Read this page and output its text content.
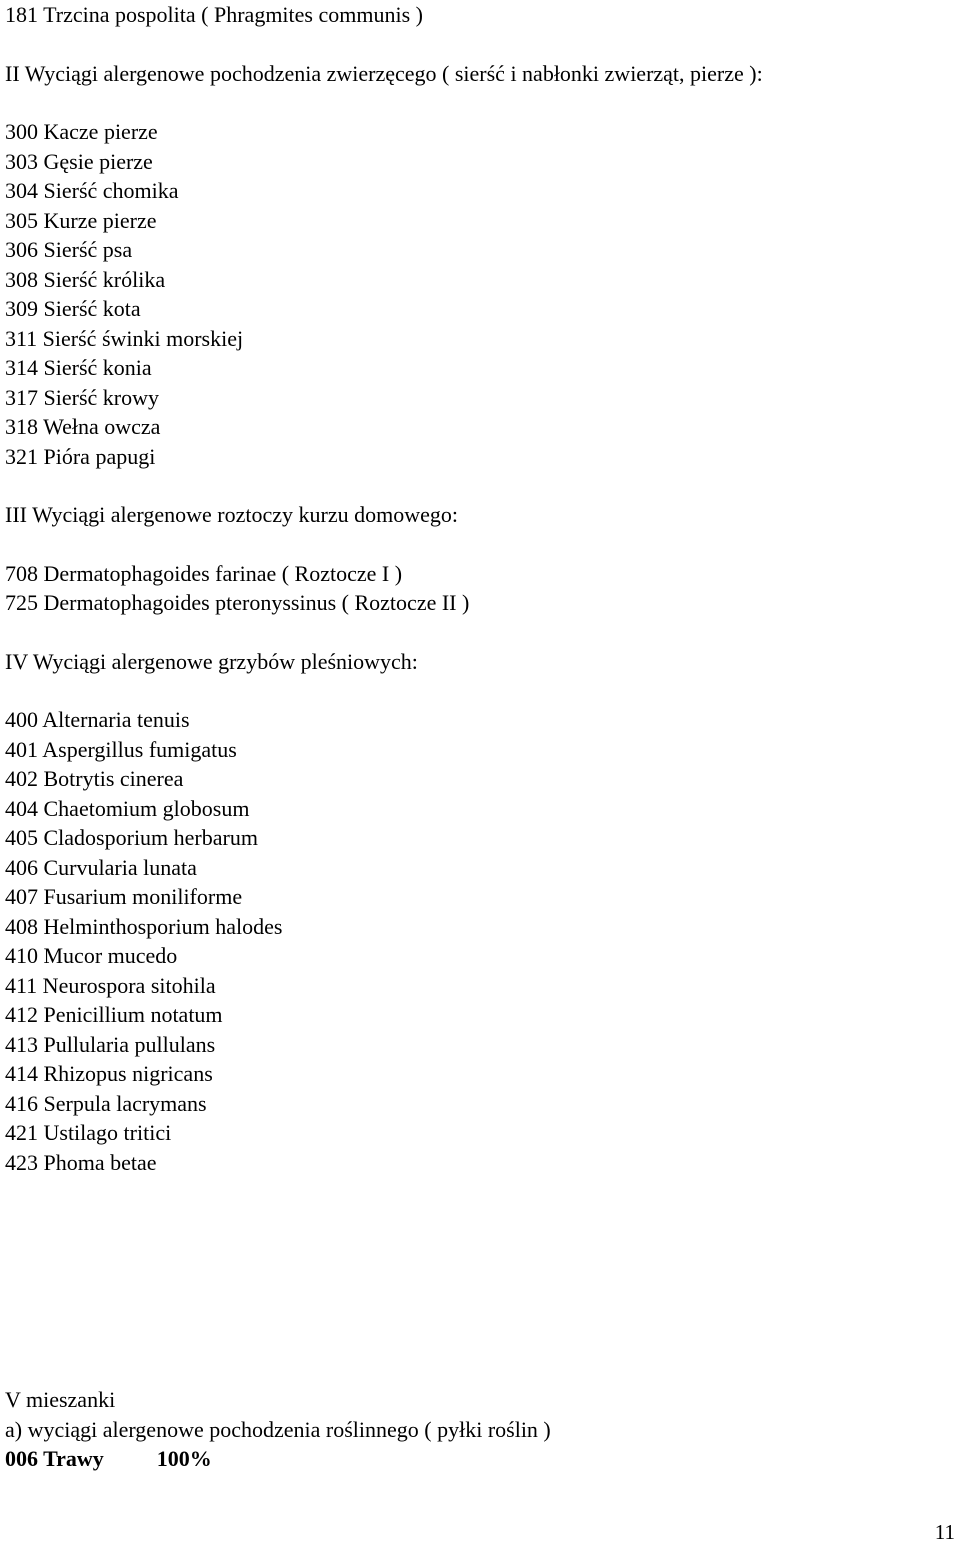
181 Trzcina pospolita ( Phragmites communis )
II Wyciągi alergenowe pochodzenia zwierzęcego ( sierść i nabłonki zwierząt, pierze ):
300 Kacze pierze
303 Gęsie pierze
304 Sierść chomika
305 Kurze pierze
306 Sierść psa
308 Sierść królika
309 Sierść kota
311 Sierść świnki morskiej
314 Sierść konia
317 Sierść krowy
318 Wełna owcza
321 Pióra papugi
III Wyciągi alergenowe roztoczy kurzu domowego:
708 Dermatophagoides farinae ( Roztocze I )
725 Dermatophagoides pteronyssinus ( Roztocze II )
IV Wyciągi alergenowe grzybów pleśniowych:
400 Alternaria tenuis
401 Aspergillus fumigatus
402 Botrytis cinerea
404 Chaetomium globosum
405 Cladosporium herbarum
406 Curvularia lunata
407 Fusarium moniliforme
408 Helminthosporium halodes
410 Mucor mucedo
411 Neurospora sitohila
412 Penicillium notatum
413 Pullularia pullulans
414 Rhizopus nigricans
416 Serpula lacrymans
421 Ustilago tritici
423 Phoma betae
V mieszanki
a) wyciągi alergenowe pochodzenia roślinnego ( pyłki roślin )
006 Trawy 100%
11
